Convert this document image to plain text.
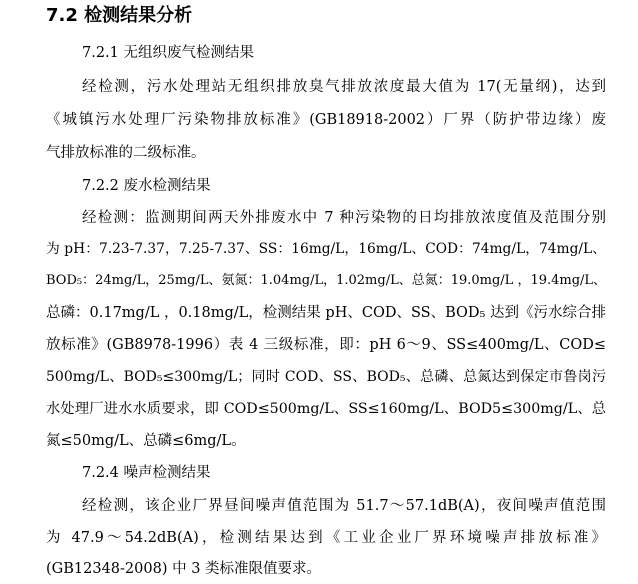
7.2 检测结果分析
7.2.1 无组织废气检测结果
经检测，污水处理站无组织排放臭气排放浓度最大值为 17(无量纲)，达到
《城镇污水处理厂污染物排放标准》(GB18918-2002）厂界（防护带边缘）废
气排放标准的二级标准。
7.2.2 废水检测结果
经检测：监测期间两天外排废水中 7 种污染物的日均排放浓度值及范围分别
为 pH：7.23-7.37，7.25-7.37、SS：16mg/L，16mg/L、COD：74mg/L，74mg/L、
BOD₅：24mg/L，25mg/L、氨氮：1.04mg/L，1.02mg/L、总氮：19.0mg/L ，19.4mg/L、
总磷：0.17mg/L ，0.18mg/L，检测结果 pH、COD、SS、BOD₅ 达到《污水综合排
放标准》(GB8978-1996）表 4 三级标准，即：pH 6～9、SS≤400mg/L、COD≤
500mg/L、BOD₅≤300mg/L；同时 COD、SS、BOD₅、总磷、总氮达到保定市鲁岗污
水处理厂进水水质要求，即 COD≤500mg/L、SS≤160mg/L、BOD5≤300mg/L、总
氮≤50mg/L、总磷≤6mg/L。
7.2.4 噪声检测结果
经检测，该企业厂界昼间噪声值范围为 51.7～57.1dB(A)，夜间噪声值范围
为 47.9～54.2dB(A)，检测结果达到《工业企业厂界环境噪声排放标准》
(GB12348-2008) 中 3 类标准限值要求。
